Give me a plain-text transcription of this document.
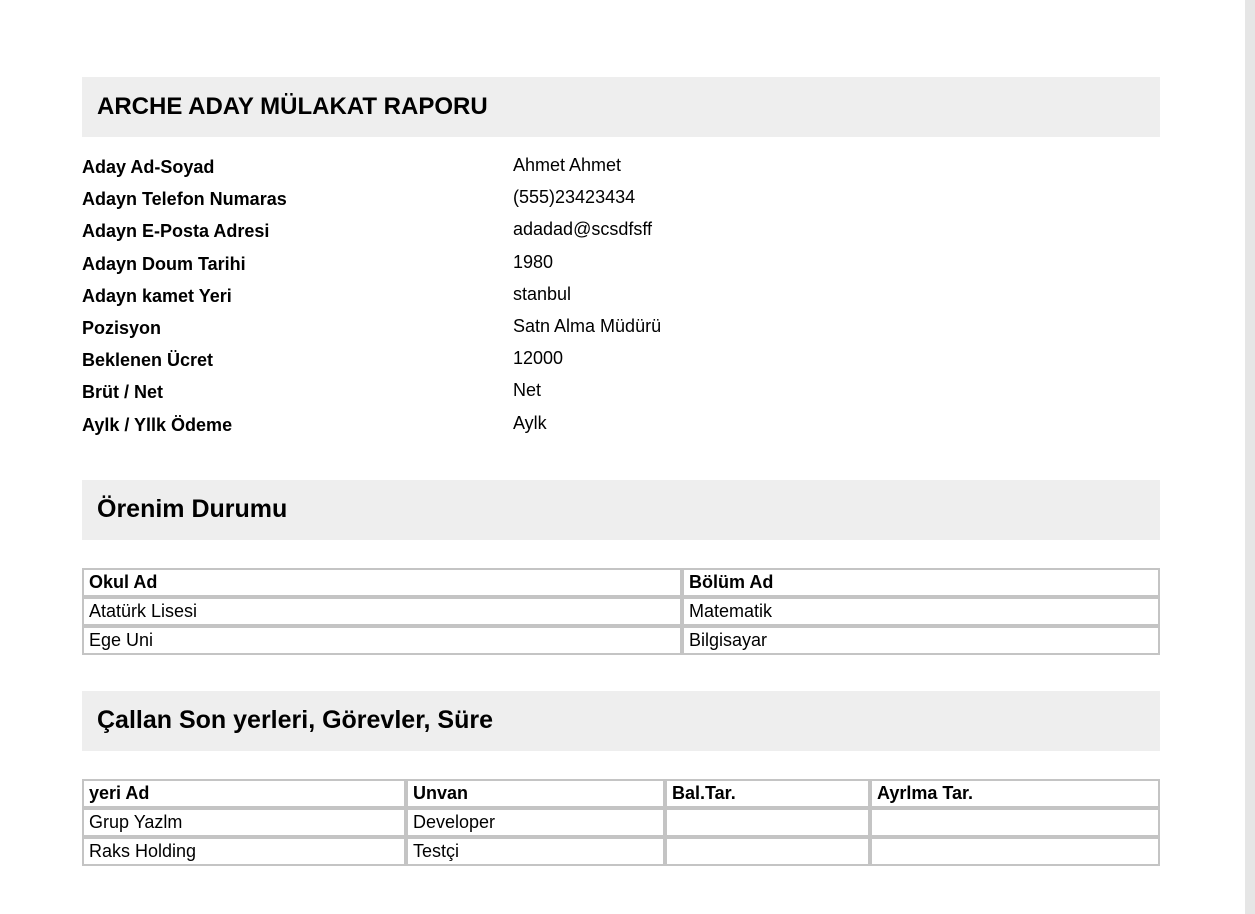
ARCHE ADAY MÜLAKAT RAPORU
Aday Ad-Soyad	Ahmet Ahmet
Adayn Telefon Numaras	(555)23423434
Adayn E-Posta Adresi	adadad@scsdfsff
Adayn Doum Tarihi	1980
Adayn kamet Yeri	stanbul
Pozisyon	Satn Alma Müdürü
Beklenen Ücret	12000
Brüt / Net	Net
Aylk / Yllk Ödeme	Aylk
Örenim Durumu
Okul Ad	Bölüm Ad
Atatürk Lisesi	Matematik
Ege Uni	Bilgisayar
Çallan Son yerleri, Görevler, Süre
yeri Ad	Unvan	Bal.Tar.	Ayrlma Tar.
Grup Yazlm	Developer		
Raks Holding	Testçi		
